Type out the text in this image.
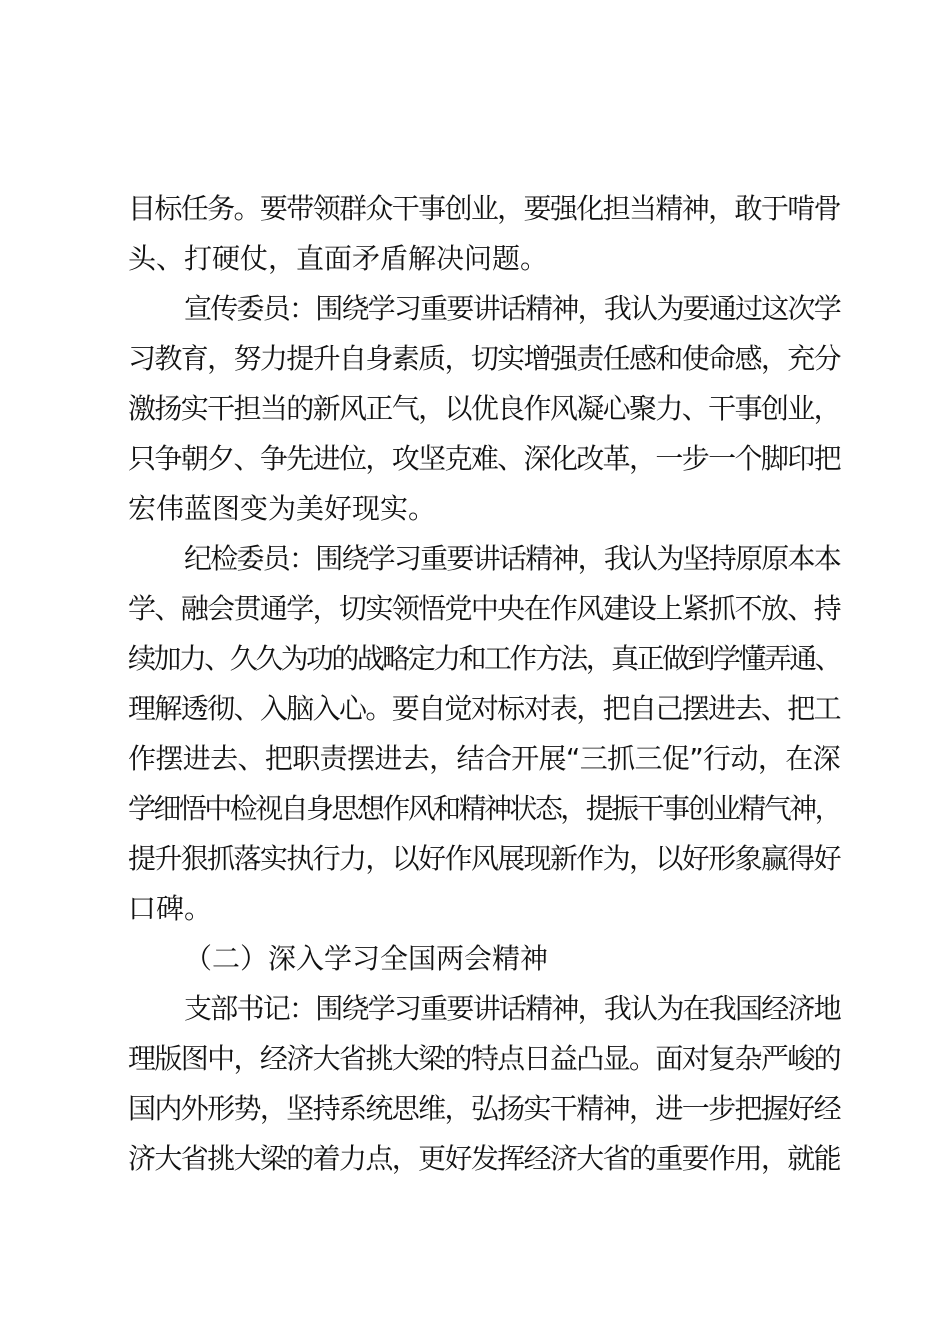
目标任务。要带领群众干事创业，要强化担当精神，敢于啃骨
头、打硬仗，直面矛盾解决问题。

宣传委员：围绕学习重要讲话精神，我认为要通过这次学
习教育，努力提升自身素质，切实增强责任感和使命感，充分
激扬实干担当的新风正气，以优良作风凝心聚力、干事创业，
只争朝夕、争先进位，攻坚克难、深化改革，一步一个脚印把
宏伟蓝图变为美好现实。

纪检委员：围绕学习重要讲话精神，我认为坚持原原本本
学、融会贯通学，切实领悟党中央在作风建设上紧抓不放、持
续加力、久久为功的战略定力和工作方法，真正做到学懂弄通、
理解透彻、入脑入心。要自觉对标对表，把自己摆进去、把工
作摆进去、把职责摆进去，结合开展“三抓三促”行动，在深
学细悟中检视自身思想作风和精神状态，提振干事创业精气神，
提升狠抓落实执行力，以好作风展现新作为，以好形象赢得好
口碑。

（二）深入学习全国两会精神

支部书记：围绕学习重要讲话精神，我认为在我国经济地
理版图中，经济大省挑大梁的特点日益凸显。面对复杂严峻的
国内外形势，坚持系统思维，弘扬实干精神，进一步把握好经
济大省挑大梁的着力点，更好发挥经济大省的重要作用，就能
